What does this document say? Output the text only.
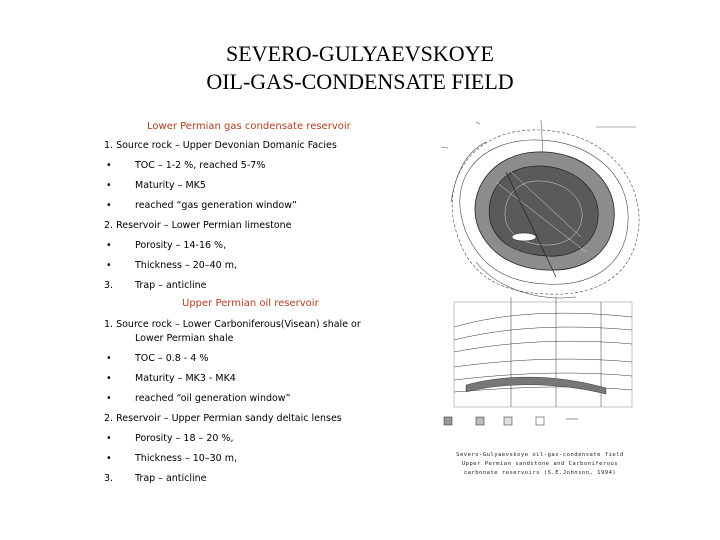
SEVERO-GULYAEVSKOYE
OIL-GAS-CONDENSATE FIELD
Lower Permian gas condensate reservoir
1. Source rock – Upper Devonian Domanic Facies
• TOC – 1-2 %, reached 5-7%
• Maturity – MK5
• reached “gas generation window”
2. Reservoir – Lower Permian limestone
• Porosity – 14-16 %,
• Thickness – 20–40 m,
3. Trap – anticline
Upper Permian oil reservoir
1. Source rock – Lower Carboniferous(Visean) shale or
Lower Permian shale
• TOC – 0.8 - 4 %
• Maturity – MK3 - MK4
• reached “oil generation window”
2. Reservoir – Upper Permian sandy deltaic lenses
• Porosity – 18 – 20 %,
• Thickness – 10–30 m,
3. Trap – anticline
Severo-Gulyaevskoye oil-gas-condensate field
Upper Permian sandstone and Carboniferous
carbonate reservoirs (S.E.Johnson, 1994)
